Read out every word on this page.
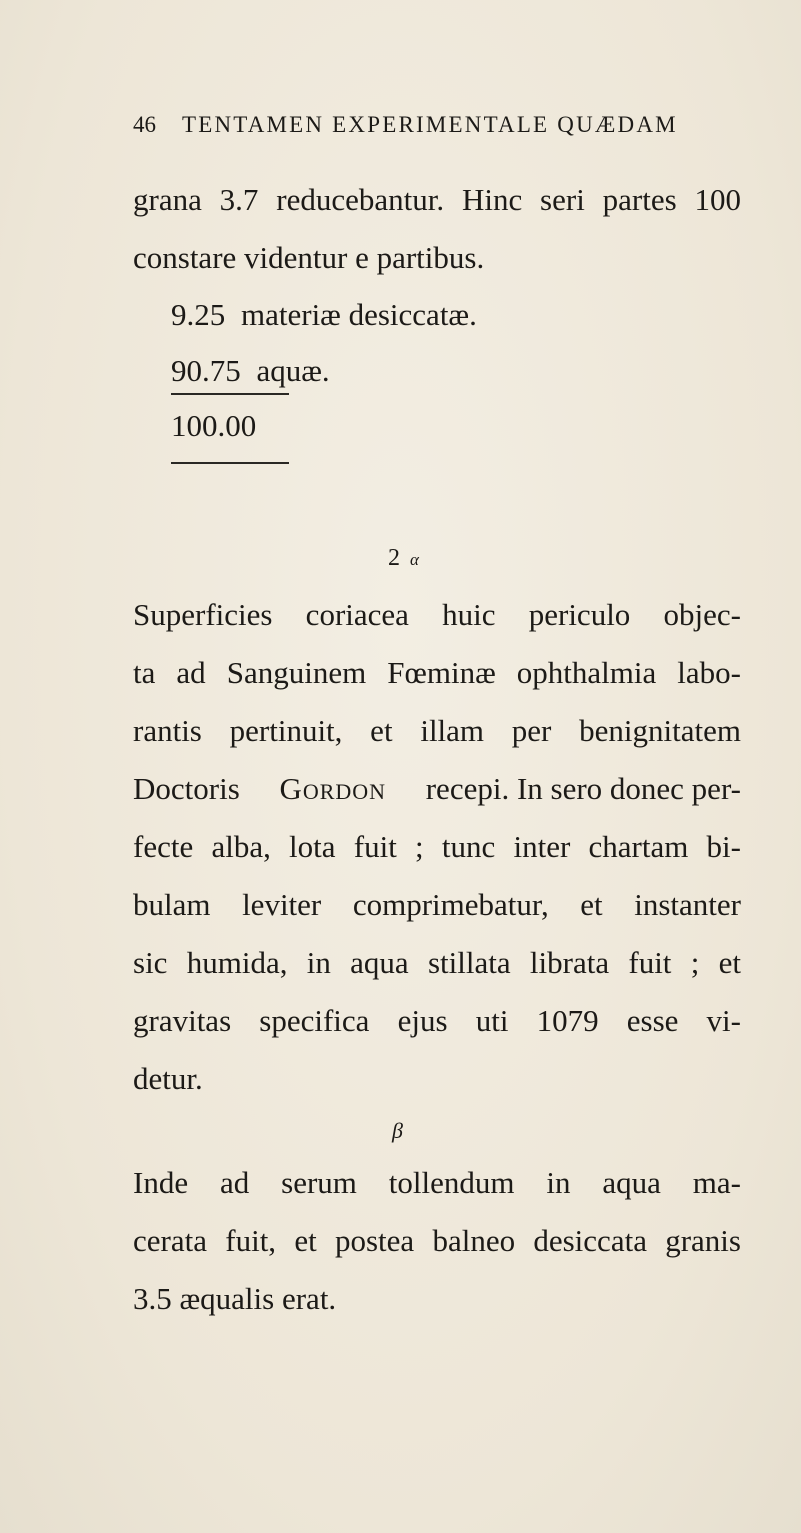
46 TENTAMEN EXPERIMENTALE QUÆDAM
grana 3.7 reducebantur. Hinc seri partes 100
constare videntur e partibus.
9.25 materiæ desiccatæ.
90.75 aquæ.
100.00
2 α
Superficies coriacea huic periculo objec-
ta ad Sanguinem Fœminæ ophthalmia labo-
rantis pertinuit, et illam per benignitatem
Doctoris Gordon recepi. In sero donec per-
fecte alba, lota fuit ; tunc inter chartam bi-
bulam leviter comprimebatur, et instanter
sic humida, in aqua stillata librata fuit ; et
gravitas specifica ejus uti 1079 esse vi-
detur.
β
Inde ad serum tollendum in aqua ma-
cerata fuit, et postea balneo desiccata granis
3.5 æqualis erat.
